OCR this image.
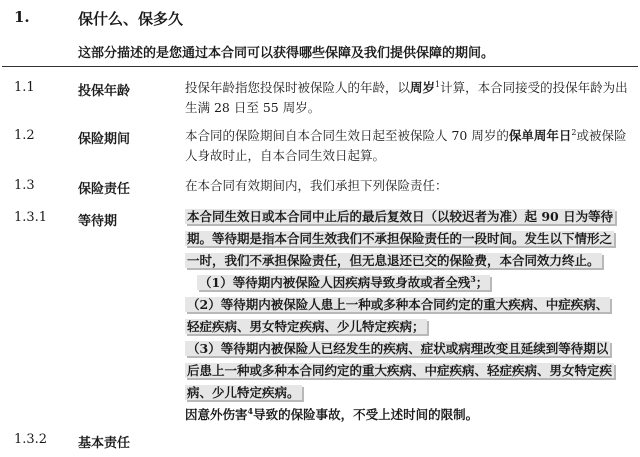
1.	保什么、保多久
这部分描述的是您通过本合同可以获得哪些保障及我们提供保障的期间。
1.1	投保年龄	投保年龄指您投保时被保险人的年龄，以周岁$^1$计算，本合同接受的投保年龄为出生满 28 日至 55 周岁。
1.2	保险期间	本合同的保险期间自本合同生效日起至被保险人 70 周岁的保单周年日$^2$或被保险人身故时止，自本合同生效日起算。
1.3	保险责任	在本合同有效期间内，我们承担下列保险责任：
1.3.1 等待期	本合同生效日或本合同中止后的最后复效日（以较迟者为准）起 90 日为等待期。等待期是指本合同生效我们不承担保险责任的一段时间。发生以下情形之一时，我们不承担保险责任，但无息退还已交的保险费，本合同效力终止。
（1）等待期内被保险人因疾病导致身故或者全残$^3$；
（2）等待期内被保险人患上一种或多种本合同约定的重大疾病、中症疾病、轻症疾病、男女特定疾病、少儿特定疾病；
（3）等待期内被保险人已经发生的疾病、症状或病理改变且延续到等待期以后患上一种或多种本合同约定的重大疾病、中症疾病、轻症疾病、男女特定疾病、少儿特定疾病。
因意外伤害$^4$导致的保险事故，不受上述时间的限制。
1.3.2 基本责任
